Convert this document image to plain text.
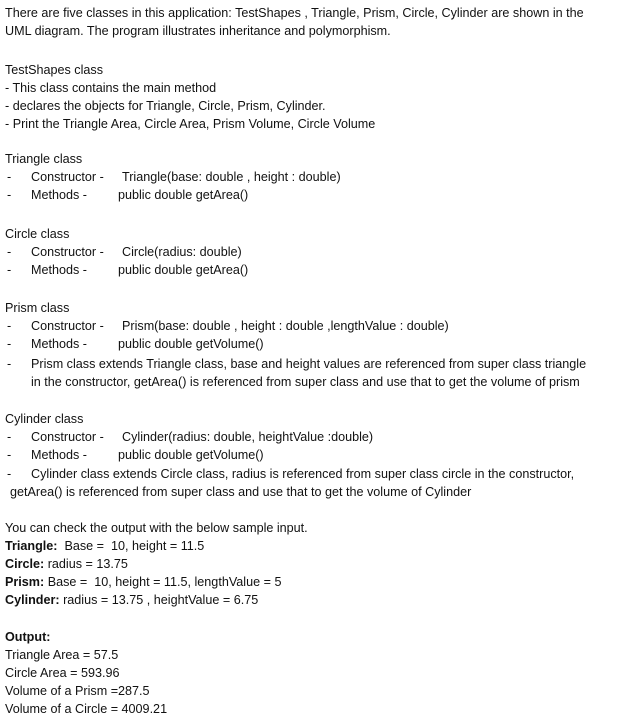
There are five classes in this application: TestShapes , Triangle, Prism, Circle, Cylinder are shown in the
UML diagram. The program illustrates inheritance and polymorphism.
TestShapes class
- This class contains the main method
- declares the objects for Triangle, Circle, Prism, Cylinder.
- Print the Triangle Area, Circle Area, Prism Volume, Circle Volume
Triangle class
- Constructor - Triangle(base: double , height : double)
- Methods - public double getArea()
Circle class
- Constructor - Circle(radius: double)
- Methods - public double getArea()
Prism class
- Constructor - Prism(base: double , height : double ,lengthValue : double)
- Methods - public double getVolume()
- Prism class extends Triangle class, base and height values are referenced from super class triangle
in the constructor, getArea() is referenced from super class and use that to get the volume of prism
Cylinder class
- Constructor - Cylinder(radius: double, heightValue :double)
- Methods - public double getVolume()
- Cylinder class extends Circle class, radius is referenced from super class circle in the constructor,
getArea() is referenced from super class and use that to get the volume of Cylinder
You can check the output with the below sample input.
Triangle:  Base =  10, height = 11.5
Circle: radius = 13.75
Prism: Base =  10, height = 11.5, lengthValue = 5
Cylinder: radius = 13.75 , heightValue = 6.75
Output:
Triangle Area = 57.5
Circle Area = 593.96
Volume of a Prism =287.5
Volume of a Circle = 4009.21
